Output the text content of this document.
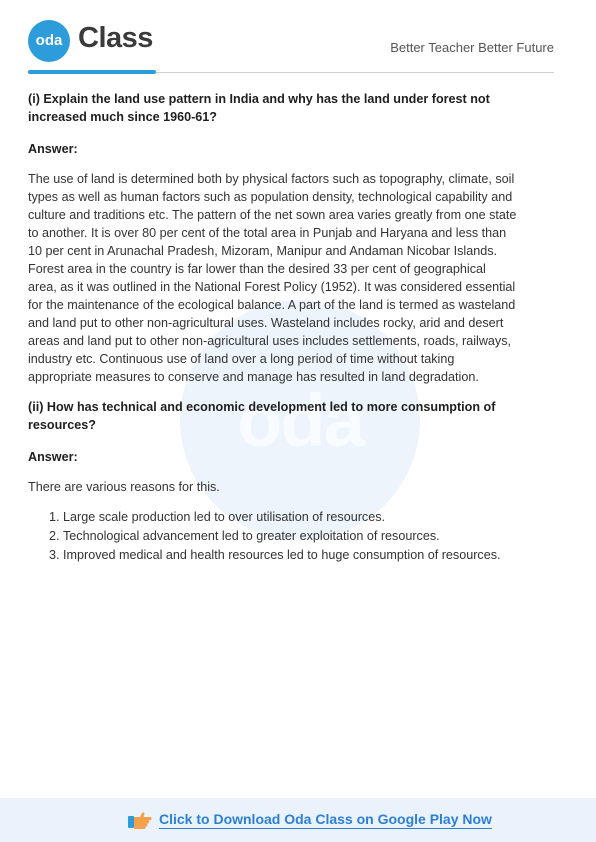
oda
oda Class	Better Teacher Better Future

(i) Explain the land use pattern in India and why has the land under forest not increased much since 1960-61?

Answer:

The use of land is determined both by physical factors such as topography, climate, soil types as well as human factors such as population density, technological capability and culture and traditions etc. The pattern of the net sown area varies greatly from one state to another. It is over 80 per cent of the total area in Punjab and Haryana and less than 10 per cent in Arunachal Pradesh, Mizoram, Manipur and Andaman Nicobar Islands. Forest area in the country is far lower than the desired 33 per cent of geographical area, as it was outlined in the National Forest Policy (1952). It was considered essential for the maintenance of the ecological balance. A part of the land is termed as wasteland and land put to other non-agricultural uses. Wasteland includes rocky, arid and desert areas and land put to other non-agricultural uses includes settlements, roads, railways, industry etc. Continuous use of land over a long period of time without taking appropriate measures to conserve and manage has resulted in land degradation.

(ii) How has technical and economic development led to more consumption of resources?

Answer:

There are various reasons for this.

1. Large scale production led to over utilisation of resources.
2. Technological advancement led to greater exploitation of resources.
3. Improved medical and health resources led to huge consumption of resources.
Click to Download Oda Class on Google Play Now
